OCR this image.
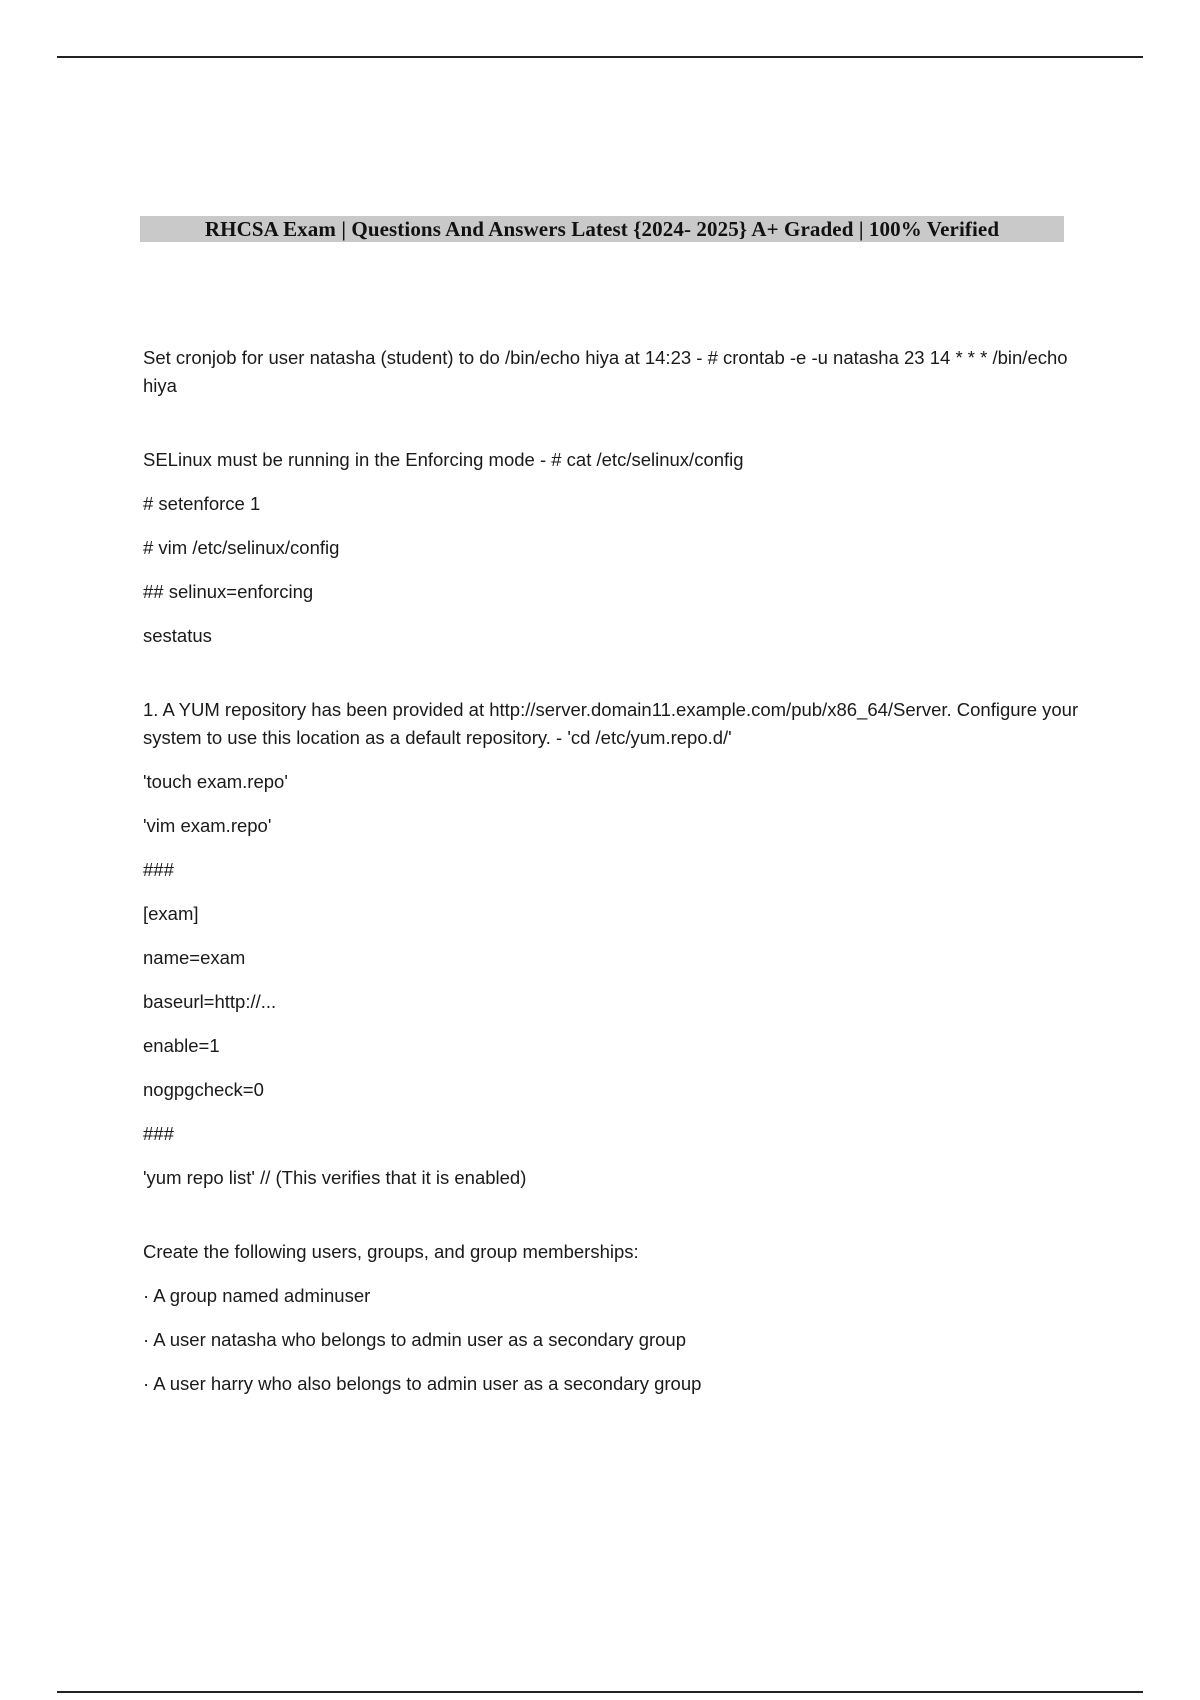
RHCSA Exam | Questions And Answers Latest {2024- 2025} A+ Graded | 100% Verified

Set cronjob for user natasha (student) to do /bin/echo hiya at 14:23 - # crontab -e -u natasha 23 14 * * * /bin/echo hiya

SELinux must be running in the Enforcing mode - # cat /etc/selinux/config

# setenforce 1

# vim /etc/selinux/config

## selinux=enforcing

sestatus

1. A YUM repository has been provided at http://server.domain11.example.com/pub/x86_64/Server. Configure your system to use this location as a default repository. - 'cd /etc/yum.repo.d/'

'touch exam.repo'

'vim exam.repo'

###

[exam]

name=exam

baseurl=http://...

enable=1

nogpgcheck=0

###

'yum repo list' // (This verifies that it is enabled)

Create the following users, groups, and group memberships:

· A group named adminuser

· A user natasha who belongs to admin user as a secondary group

· A user harry who also belongs to admin user as a secondary group
